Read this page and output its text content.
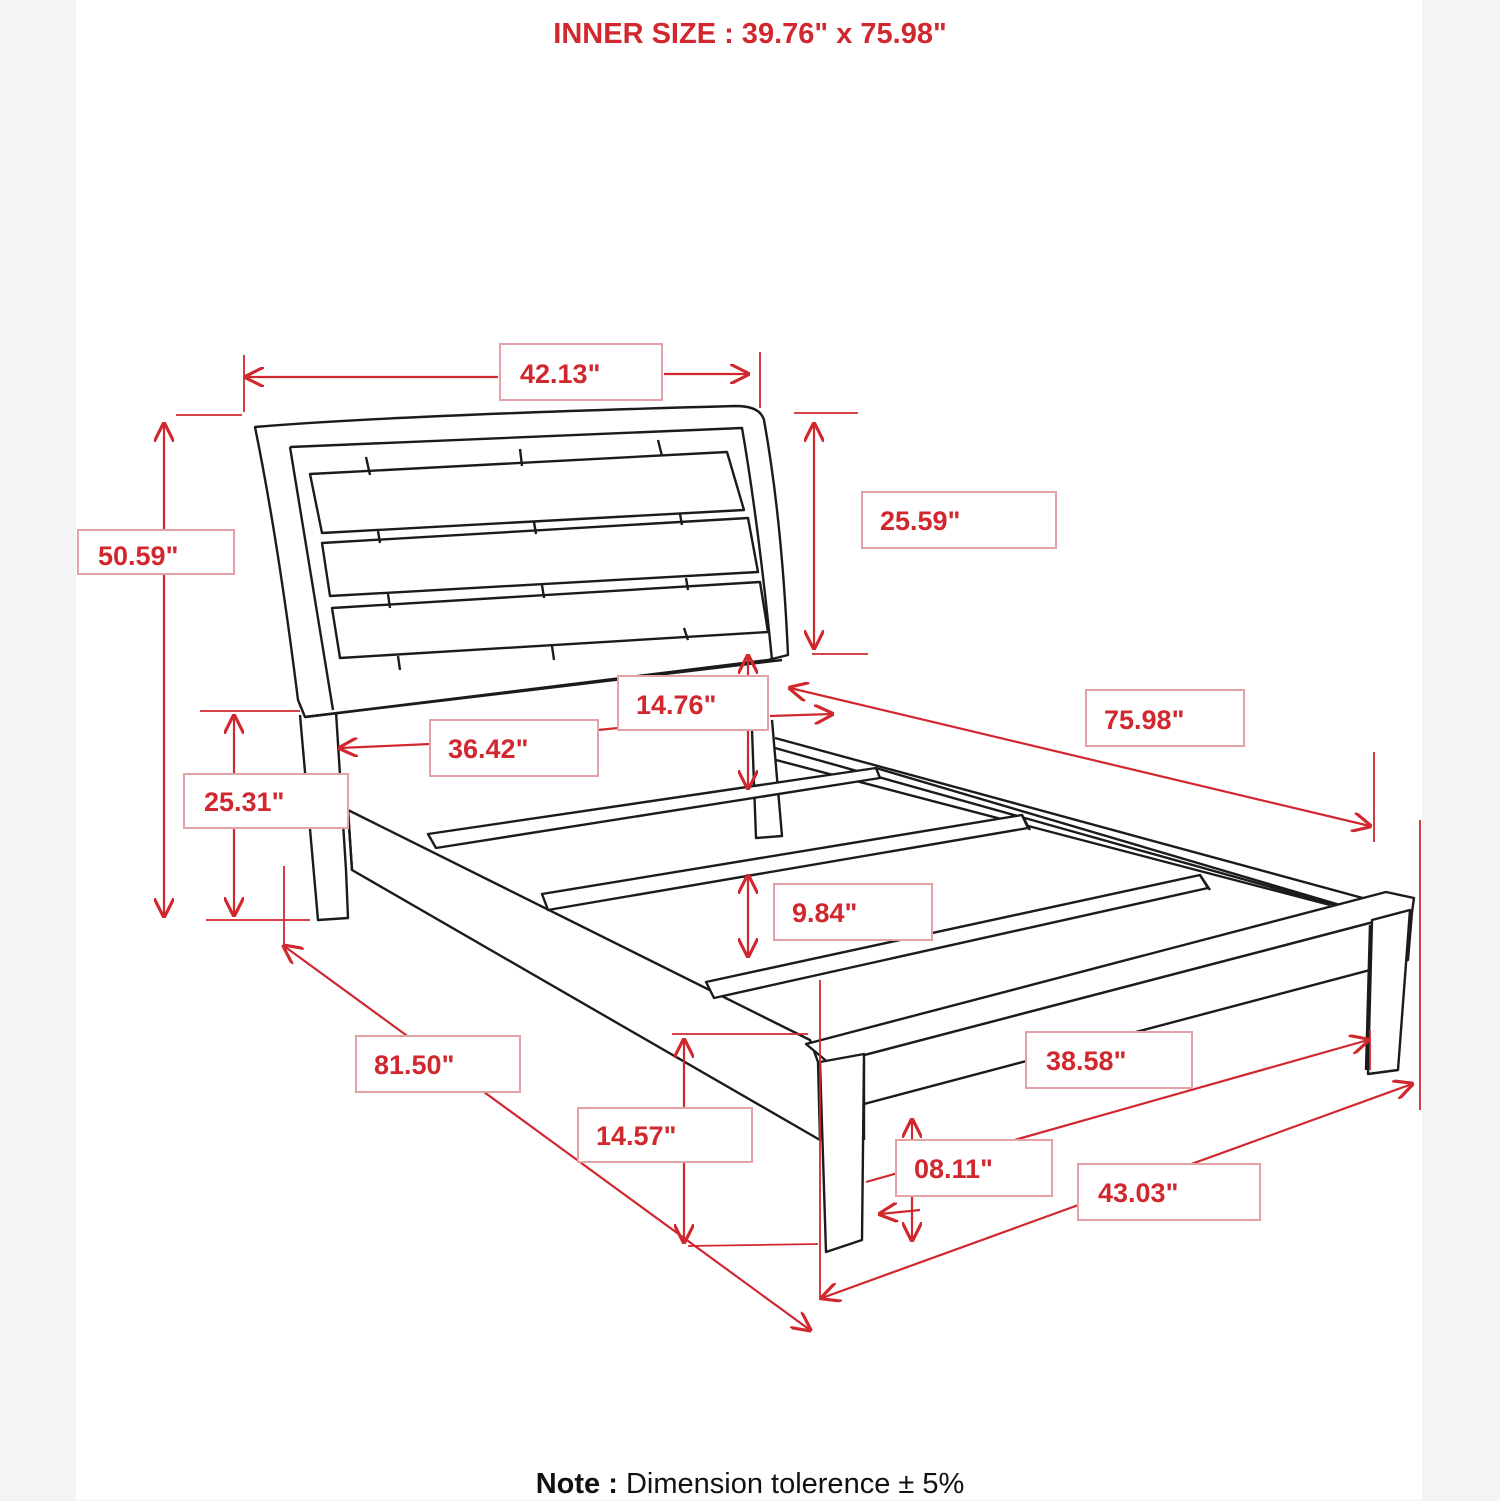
INNER SIZE : 39.76" x 75.98"
42.13"
50.59"
25.59"
14.76"	75.98"
36.42"
25.31"
9.84"
81.50"	38.58"
14.57"
08.11"
43.03"
Note : Dimension tolerence ± 5%
